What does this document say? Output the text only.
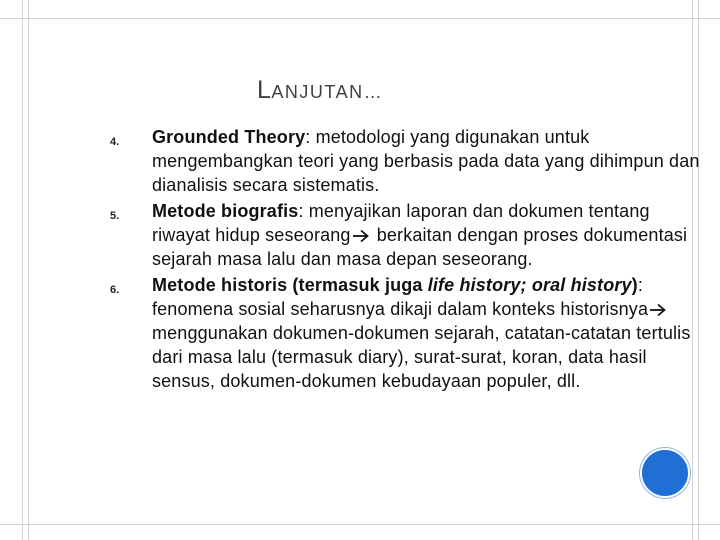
LANJUTAN…
4.	Grounded Theory: metodologi yang digunakan untuk mengembangkan teori yang berbasis pada data yang dihimpun dan dianalisis secara sistematis.
5.	Metode biografis: menyajikan laporan dan dokumen tentang riwayat hidup seseorang berkaitan dengan proses dokumentasi sejarah masa lalu dan masa depan seseorang.
6.	Metode historis (termasuk juga life history; oral history): fenomena sosial seharusnya dikaji dalam konteks historisnya menggunakan dokumen-dokumen sejarah, catatan-catatan tertulis dari masa lalu (termasuk diary), surat-surat, koran, data hasil sensus, dokumen-dokumen kebudayaan populer, dll.
